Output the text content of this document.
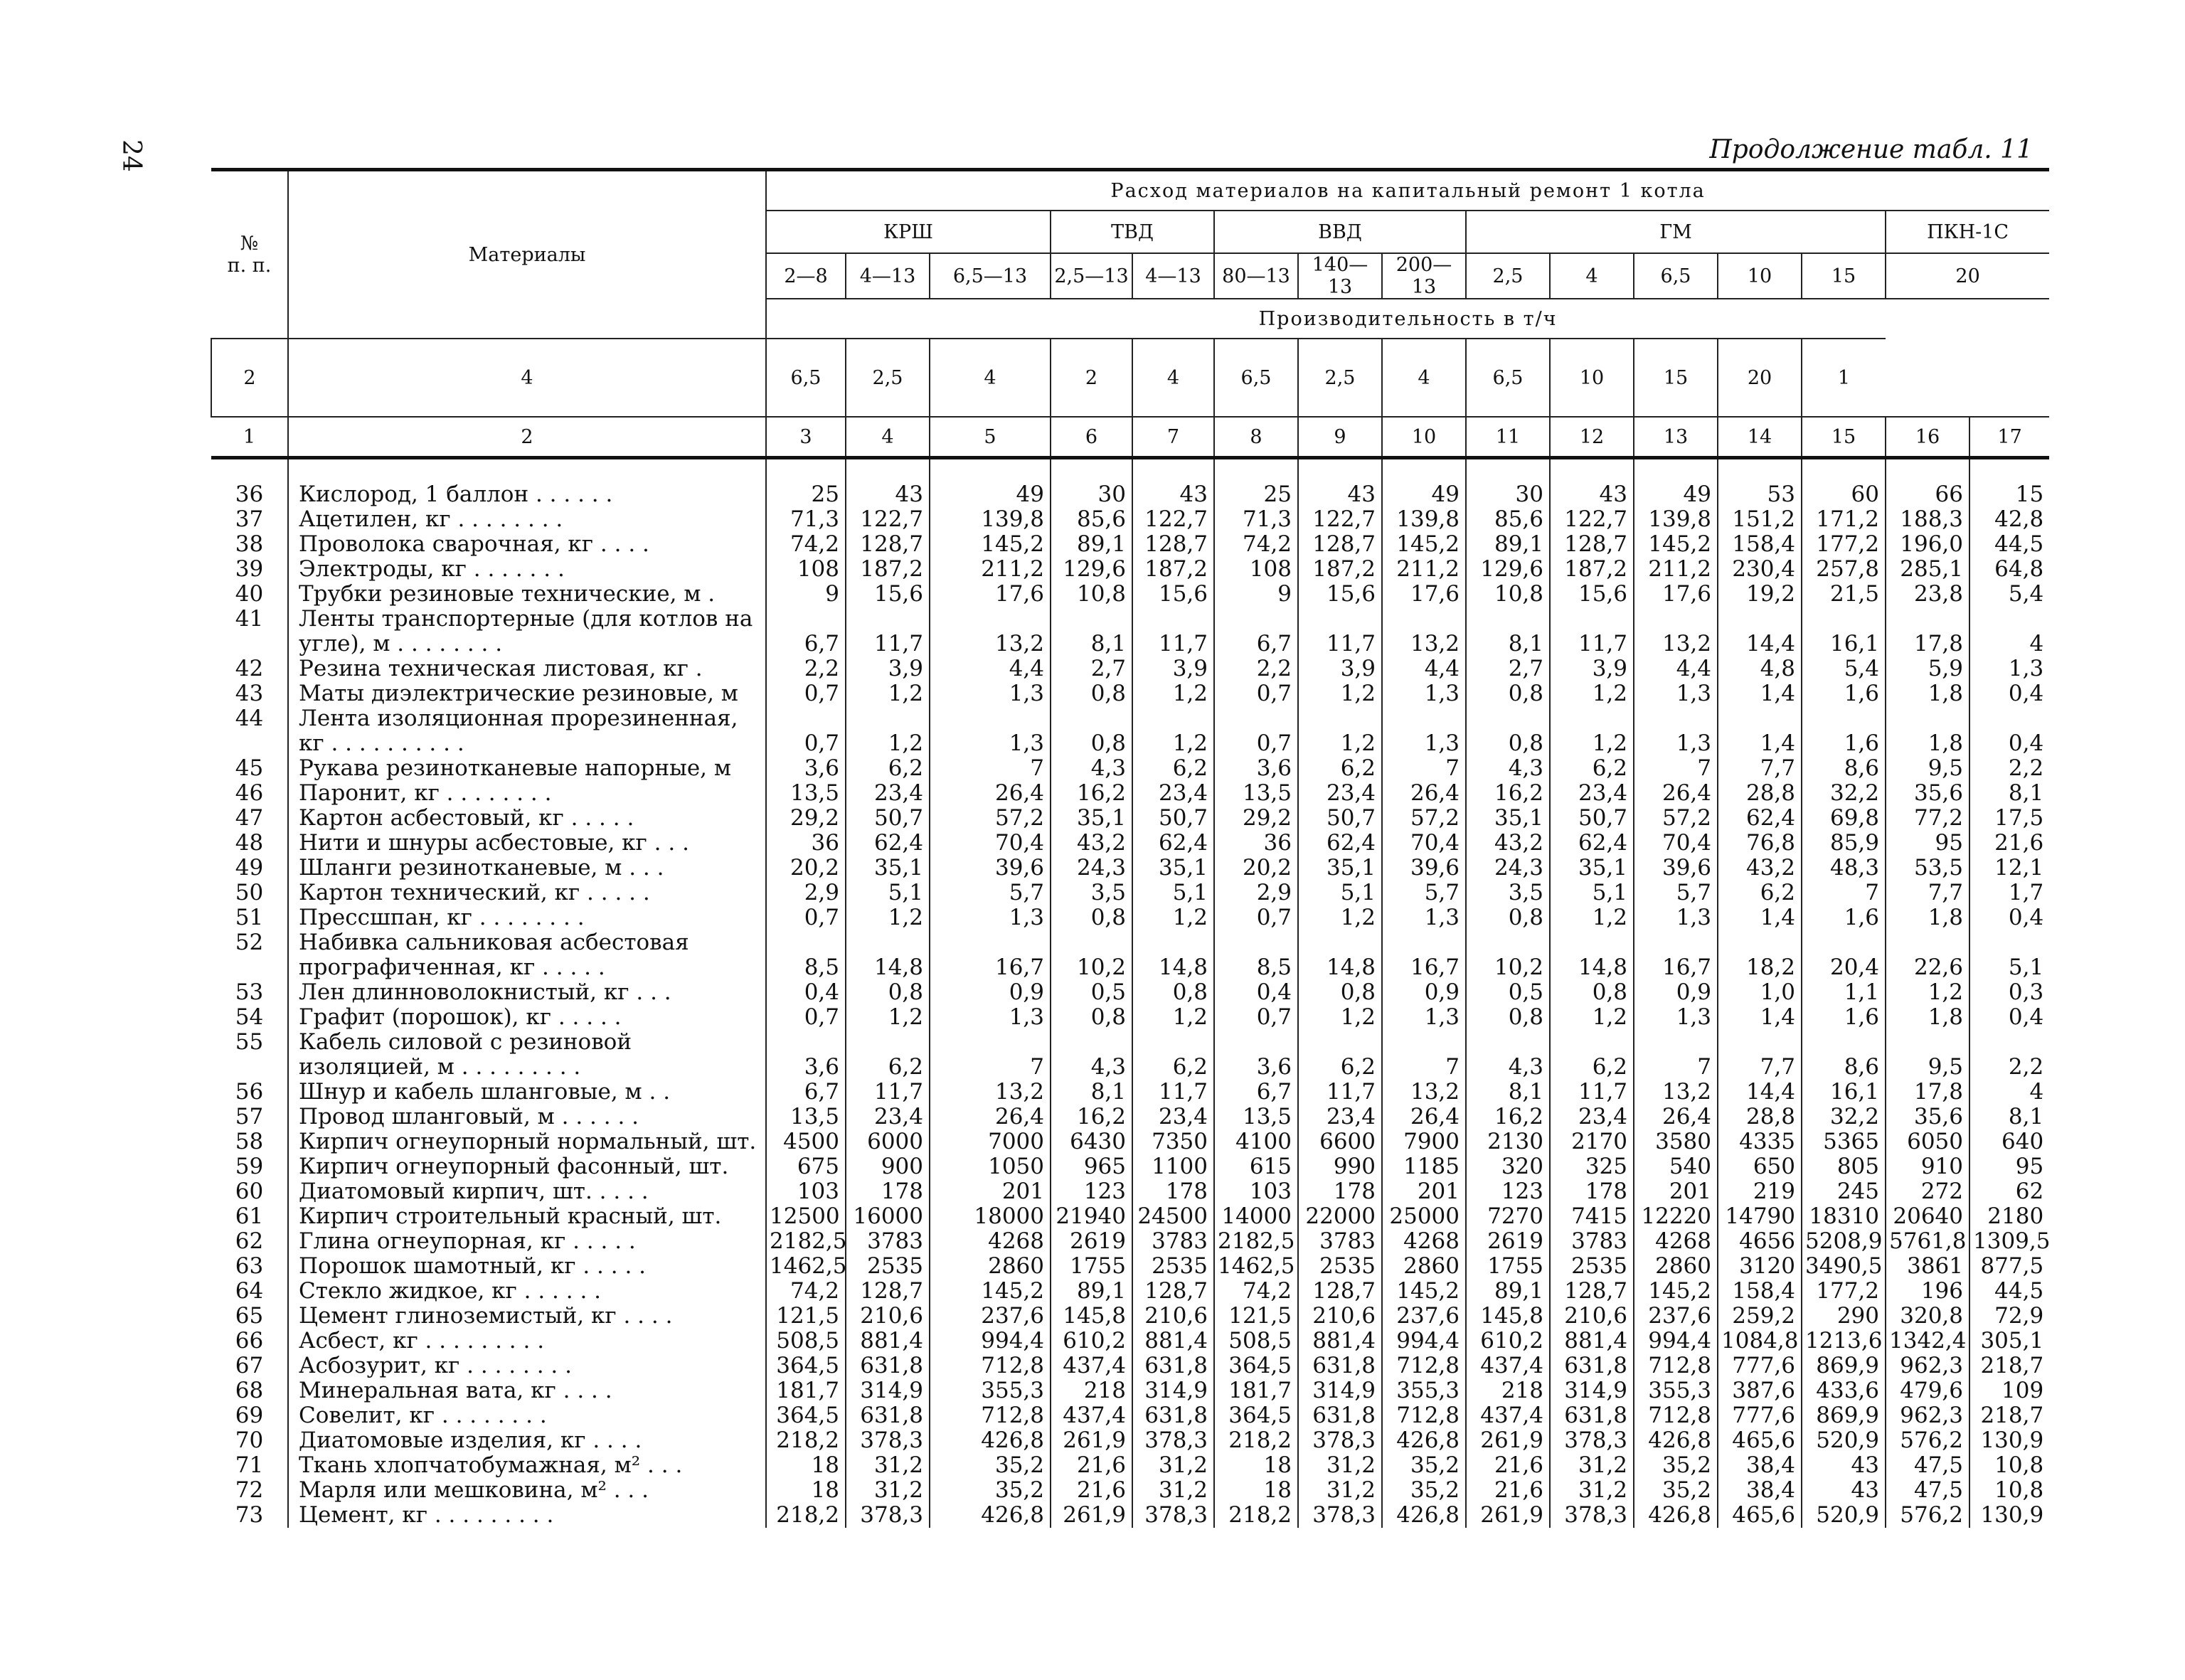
24	Продолжение табл. 11
№
п. п.	Материалы	Расход материалов на капитальный ремонт 1 котла														
		КРШ			ТВД		ВВД			ГМ					ПКН-1С	
		2—8	4—13	6,5—13	2,5—13	4—13	80—13	140—13	200—13	2,5	4	6,5	10	15	20	
		Производительность в т/ч														
2	4	6,5	2,5	4	2	4	6,5	2,5	4	6,5	10	15	20	1		
1	2	3	4	5	6	7	8	9	10	11	12	13	14	15	16	17
36	Кислород, 1 баллон . . . . . .	25	43	49	30	43	25	43	49	30	43	49	53	60	66	15
37	Ацетилен, кг . . . . . . . .	71,3	122,7	139,8	85,6	122,7	71,3	122,7	139,8	85,6	122,7	139,8	151,2	171,2	188,3	42,8
38	Проволока сварочная, кг . . . .	74,2	128,7	145,2	89,1	128,7	74,2	128,7	145,2	89,1	128,7	145,2	158,4	177,2	196,0	44,5
39	Электроды, кг . . . . . . .	108	187,2	211,2	129,6	187,2	108	187,2	211,2	129,6	187,2	211,2	230,4	257,8	285,1	64,8
40	Трубки резиновые технические, м .	9	15,6	17,6	10,8	15,6	9	15,6	17,6	10,8	15,6	17,6	19,2	21,5	23,8	5,4
41	Ленты транспортерные (для котлов на угле), м . . . . . . . .	6,7	11,7	13,2	8,1	11,7	6,7	11,7	13,2	8,1	11,7	13,2	14,4	16,1	17,8	4
42	Резина техническая листовая, кг .	2,2	3,9	4,4	2,7	3,9	2,2	3,9	4,4	2,7	3,9	4,4	4,8	5,4	5,9	1,3
43	Маты диэлектрические резиновые, м	0,7	1,2	1,3	0,8	1,2	0,7	1,2	1,3	0,8	1,2	1,3	1,4	1,6	1,8	0,4
44	Лента изоляционная прорезиненная, кг . . . . . . . . . .	0,7	1,2	1,3	0,8	1,2	0,7	1,2	1,3	0,8	1,2	1,3	1,4	1,6	1,8	0,4
45	Рукава резинотканевые напорные, м	3,6	6,2	7	4,3	6,2	3,6	6,2	7	4,3	6,2	7	7,7	8,6	9,5	2,2
46	Паронит, кг . . . . . . . .	13,5	23,4	26,4	16,2	23,4	13,5	23,4	26,4	16,2	23,4	26,4	28,8	32,2	35,6	8,1
47	Картон асбестовый, кг . . . . .	29,2	50,7	57,2	35,1	50,7	29,2	50,7	57,2	35,1	50,7	57,2	62,4	69,8	77,2	17,5
48	Нити и шнуры асбестовые, кг . . .	36	62,4	70,4	43,2	62,4	36	62,4	70,4	43,2	62,4	70,4	76,8	85,9	95	21,6
49	Шланги резинотканевые, м . . .	20,2	35,1	39,6	24,3	35,1	20,2	35,1	39,6	24,3	35,1	39,6	43,2	48,3	53,5	12,1
50	Картон технический, кг . . . . .	2,9	5,1	5,7	3,5	5,1	2,9	5,1	5,7	3,5	5,1	5,7	6,2	7	7,7	1,7
51	Прессшпан, кг . . . . . . . .	0,7	1,2	1,3	0,8	1,2	0,7	1,2	1,3	0,8	1,2	1,3	1,4	1,6	1,8	0,4
52	Набивка сальниковая асбестовая прографиченная, кг . . . . .	8,5	14,8	16,7	10,2	14,8	8,5	14,8	16,7	10,2	14,8	16,7	18,2	20,4	22,6	5,1
53	Лен длинноволокнистый, кг . . .	0,4	0,8	0,9	0,5	0,8	0,4	0,8	0,9	0,5	0,8	0,9	1,0	1,1	1,2	0,3
54	Графит (порошок), кг . . . . .	0,7	1,2	1,3	0,8	1,2	0,7	1,2	1,3	0,8	1,2	1,3	1,4	1,6	1,8	0,4
55	Кабель силовой с резиновой изоляцией, м . . . . . . . . .	3,6	6,2	7	4,3	6,2	3,6	6,2	7	4,3	6,2	7	7,7	8,6	9,5	2,2
56	Шнур и кабель шланговые, м . .	6,7	11,7	13,2	8,1	11,7	6,7	11,7	13,2	8,1	11,7	13,2	14,4	16,1	17,8	4
57	Провод шланговый, м . . . . . .	13,5	23,4	26,4	16,2	23,4	13,5	23,4	26,4	16,2	23,4	26,4	28,8	32,2	35,6	8,1
58	Кирпич огнеупорный нормальный, шт.	4500	6000	7000	6430	7350	4100	6600	7900	2130	2170	3580	4335	5365	6050	640
59	Кирпич огнеупорный фасонный, шт.	675	900	1050	965	1100	615	990	1185	320	325	540	650	805	910	95
60	Диатомовый кирпич, шт. . . . .	103	178	201	123	178	103	178	201	123	178	201	219	245	272	62
61	Кирпич строительный красный, шт.	12500	16000	18000	21940	24500	14000	22000	25000	7270	7415	12220	14790	18310	20640	2180
62	Глина огнеупорная, кг . . . . .	2182,5	3783	4268	2619	3783	2182,5	3783	4268	2619	3783	4268	4656	5208,9	5761,8	1309,5
63	Порошок шамотный, кг . . . . .	1462,5	2535	2860	1755	2535	1462,5	2535	2860	1755	2535	2860	3120	3490,5	3861	877,5
64	Стекло жидкое, кг . . . . . .	74,2	128,7	145,2	89,1	128,7	74,2	128,7	145,2	89,1	128,7	145,2	158,4	177,2	196	44,5
65	Цемент глиноземистый, кг . . . .	121,5	210,6	237,6	145,8	210,6	121,5	210,6	237,6	145,8	210,6	237,6	259,2	290	320,8	72,9
66	Асбест, кг . . . . . . . . .	508,5	881,4	994,4	610,2	881,4	508,5	881,4	994,4	610,2	881,4	994,4	1084,8	1213,6	1342,4	305,1
67	Асбозурит, кг . . . . . . . .	364,5	631,8	712,8	437,4	631,8	364,5	631,8	712,8	437,4	631,8	712,8	777,6	869,9	962,3	218,7
68	Минеральная вата, кг . . . .	181,7	314,9	355,3	218	314,9	181,7	314,9	355,3	218	314,9	355,3	387,6	433,6	479,6	109
69	Совелит, кг . . . . . . . .	364,5	631,8	712,8	437,4	631,8	364,5	631,8	712,8	437,4	631,8	712,8	777,6	869,9	962,3	218,7
70	Диатомовые изделия, кг . . . .	218,2	378,3	426,8	261,9	378,3	218,2	378,3	426,8	261,9	378,3	426,8	465,6	520,9	576,2	130,9
71	Ткань хлопчатобумажная, м² . . .	18	31,2	35,2	21,6	31,2	18	31,2	35,2	21,6	31,2	35,2	38,4	43	47,5	10,8
72	Марля или мешковина, м² . . .	18	31,2	35,2	21,6	31,2	18	31,2	35,2	21,6	31,2	35,2	38,4	43	47,5	10,8
73	Цемент, кг . . . . . . . . .	218,2	378,3	426,8	261,9	378,3	218,2	378,3	426,8	261,9	378,3	426,8	465,6	520,9	576,2	130,9
